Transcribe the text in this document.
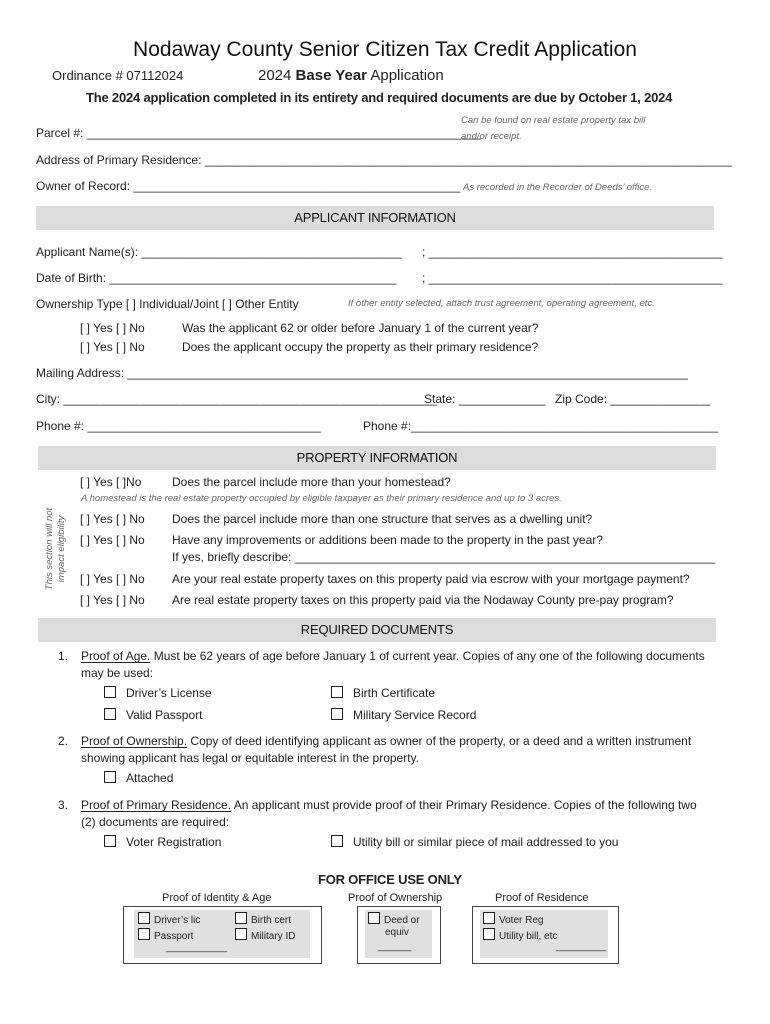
Nodaway County Senior Citizen Tax Credit Application
Ordinance # 07112024	2024 Base Year Application
The 2024 application completed in its entirety and required documents are due by October 1, 2024
Can be found on real estate property tax bill
Parcel #: ___________________________________________________________
and/or receipt.
Address of Primary Residence: _______________________________________________________________________________
Owner of Record: _________________________________________________ As recorded in the Recorder of Deeds’ office.
APPLICANT INFORMATION
Applicant Name(s): _______________________________________ ; ____________________________________________
Date of Birth: ___________________________________________ ; ____________________________________________
Ownership Type [ ] Individual/Joint [ ] Other Entity	If other entity selected, attach trust agreement, operating agreement, etc.
[ ] Yes [ ] No	Was the applicant 62 or older before January 1 of the current year?
[ ] Yes [ ] No	Does the applicant occupy the property as their primary residence?
Mailing Address: ____________________________________________________________________________________
City: ________________________________________________________
State: _____________ Zip Code: _______________
Phone #: ___________________________________	Phone #:______________________________________________
PROPERTY INFORMATION
This section will not impact eligibility
[ ] Yes [ ]No	Does the parcel include more than your homestead?
A homestead is the real estate property occupied by eligible taxpayer as their primary residence and up to 3 acres.
[ ] Yes [ ] No Does the parcel include more than one structure that serves as a dwelling unit?
[ ] Yes [ ] No Have any improvements or additions been made to the property in the past year?
If yes, briefly describe: _______________________________________________________________
[ ] Yes [ ] No Are your real estate property taxes on this property paid via escrow with your mortgage payment?
[ ] Yes [ ] No Are real estate property taxes on this property paid via the Nodaway County pre-pay program?
REQUIRED DOCUMENTS
1. Proof of Age. Must be 62 years of age before January 1 of current year. Copies of any one of the following documents
may be used:
Driver’s License	Birth Certificate
Valid Passport	Military Service Record
2. Proof of Ownership. Copy of deed identifying applicant as owner of the property, or a deed and a written instrument
showing applicant has legal or equitable interest in the property.
Attached
3. Proof of Primary Residence. An applicant must provide proof of their Primary Residence. Copies of the following two
(2) documents are required:
Voter Registration	Utility bill or similar piece of mail addressed to you
FOR OFFICE USE ONLY
Proof of Identity & Age
Driver’s lic	Birth cert
Passport	Military ID
___________
Proof of Ownership
Deed or
equiv
______
Proof of Residence
Voter Reg
Utility bill, etc
_________
